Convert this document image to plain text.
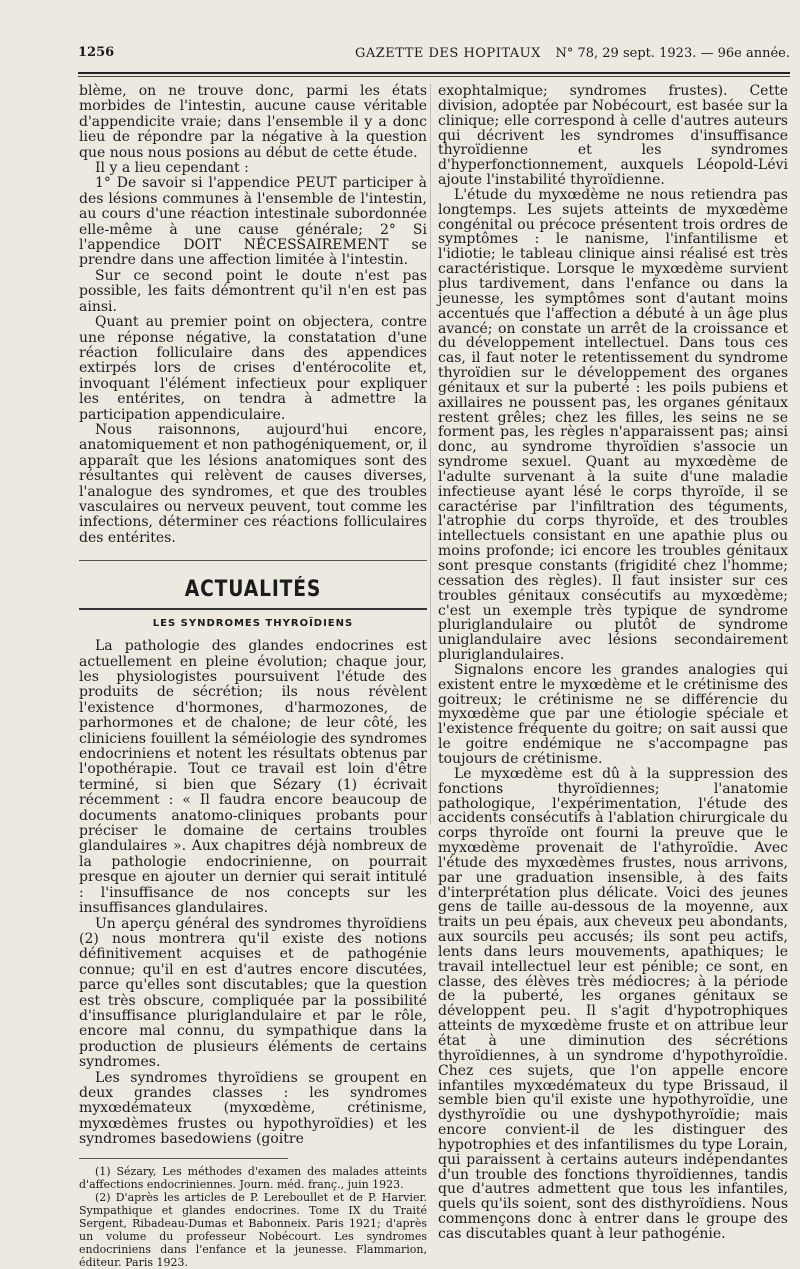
1256	GAZETTE DES HOPITAUX N° 78, 29 sept. 1923. — 96e année.

blème, on ne trouve donc, parmi les états morbides de l'intestin, aucune cause véritable d'appendicite vraie; dans l'ensemble il y a donc lieu de répondre par la négative à la question que nous nous posions au début de cette étude.

Il y a lieu cependant :

1° De savoir si l'appendice PEUT participer à des lésions communes à l'ensemble de l'intestin, au cours d'une réaction intestinale subordonnée elle-même à une cause générale; 2° Si l'appendice DOIT NÉCESSAIREMENT se prendre dans une affection limitée à l'intestin.

Sur ce second point le doute n'est pas possible, les faits démontrent qu'il n'en est pas ainsi.

Quant au premier point on objectera, contre une réponse négative, la constatation d'une réaction folliculaire dans des appendices extirpés lors de crises d'entérocolite et, invoquant l'élément infectieux pour expliquer les entérites, on tendra à admettre la participation appendiculaire.

Nous raisonnons, aujourd'hui encore, anatomiquement et non pathogéniquement, or, il apparaît que les lésions anatomiques sont des résultantes qui relèvent de causes diverses, l'analogue des syndromes, et que des troubles vasculaires ou nerveux peuvent, tout comme les infections, déterminer ces réactions folliculaires des entérites.

ACTUALITÉS
LES SYNDROMES THYROÏDIENS

La pathologie des glandes endocrines est actuellement en pleine évolution; chaque jour, les physiologistes poursuivent l'étude des produits de sécrétion; ils nous révèlent l'existence d'hormones, d'harmozones, de parhormones et de chalone; de leur côté, les cliniciens fouillent la séméiologie des syndromes endocriniens et notent les résultats obtenus par l'opothérapie. Tout ce travail est loin d'être terminé, si bien que Sézary (1) écrivait récemment : « Il faudra encore beaucoup de documents anatomo-cliniques probants pour préciser le domaine de certains troubles glandulaires ». Aux chapitres déjà nombreux de la pathologie endocrinienne, on pourrait presque en ajouter un dernier qui serait intitulé : l'insuffisance de nos concepts sur les insuffisances glandulaires.

Un aperçu général des syndromes thyroïdiens (2) nous montrera qu'il existe des notions définitivement acquises et de pathogénie connue; qu'il en est d'autres encore discutées, parce qu'elles sont discutables; que la question est très obscure, compliquée par la possibilité d'insuffisance pluriglandulaire et par le rôle, encore mal connu, du sympathique dans la production de plusieurs éléments de certains syndromes.

Les syndromes thyroïdiens se groupent en deux grandes classes : les syndromes myxœdémateux (myxœdème, crétinisme, myxœdèmes frustes ou hypothyroïdies) et les syndromes basedowiens (goitre

(1) Sézary, Les méthodes d'examen des malades atteints d'affections endocriniennes. Journ. méd. franç., juin 1923.

(2) D'après les articles de P. Lereboullet et de P. Harvier. Sympathique et glandes endocrines. Tome IX du Traité Sergent, Ribadeau-Dumas et Babonneix. Paris 1921; d'après un volume du professeur Nobécourt. Les syndromes endocriniens dans l'enfance et la jeunesse. Flammarion, éditeur. Paris 1923.

exophtalmique; syndromes frustes). Cette division, adoptée par Nobécourt, est basée sur la clinique; elle correspond à celle d'autres auteurs qui décrivent les syndromes d'insuffisance thyroïdienne et les syndromes d'hyperfonctionnement, auxquels Léopold-Lévi ajoute l'instabilité thyroïdienne.

L'étude du myxœdème ne nous retiendra pas longtemps. Les sujets atteints de myxœdème congénital ou précoce présentent trois ordres de symptômes : le nanisme, l'infantilisme et l'idiotie; le tableau clinique ainsi réalisé est très caractéristique. Lorsque le myxœdème survient plus tardivement, dans l'enfance ou dans la jeunesse, les symptômes sont d'autant moins accentués que l'affection a débuté à un âge plus avancé; on constate un arrêt de la croissance et du développement intellectuel. Dans tous ces cas, il faut noter le retentissement du syndrome thyroïdien sur le développement des organes génitaux et sur la puberté : les poils pubiens et axillaires ne poussent pas, les organes génitaux restent grêles; chez les filles, les seins ne se forment pas, les règles n'apparaissent pas; ainsi donc, au syndrome thyroïdien s'associe un syndrome sexuel. Quant au myxœdème de l'adulte survenant à la suite d'une maladie infectieuse ayant lésé le corps thyroïde, il se caractérise par l'infiltration des téguments, l'atrophie du corps thyroïde, et des troubles intellectuels consistant en une apathie plus ou moins profonde; ici encore les troubles génitaux sont presque constants (frigidité chez l'homme; cessation des règles). Il faut insister sur ces troubles génitaux consécutifs au myxœdème; c'est un exemple très typique de syndrome pluriglandulaire ou plutôt de syndrome uniglandulaire avec lésions secondairement pluriglandulaires.

Signalons encore les grandes analogies qui existent entre le myxœdème et le crétinisme des goitreux; le crétinisme ne se différencie du myxœdème que par une étiologie spéciale et l'existence fréquente du goitre; on sait aussi que le goitre endémique ne s'accompagne pas toujours de crétinisme.

Le myxœdème est dû à la suppression des fonctions thyroïdiennes; l'anatomie pathologique, l'expérimentation, l'étude des accidents consécutifs à l'ablation chirurgicale du corps thyroïde ont fourni la preuve que le myxœdème provenait de l'athyroïdie. Avec l'étude des myxœdèmes frustes, nous arrivons, par une graduation insensible, à des faits d'interprétation plus délicate. Voici des jeunes gens de taille au-dessous de la moyenne, aux traits un peu épais, aux cheveux peu abondants, aux sourcils peu accusés; ils sont peu actifs, lents dans leurs mouvements, apathiques; le travail intellectuel leur est pénible; ce sont, en classe, des élèves très médiocres; à la période de la puberté, les organes génitaux se développent peu. Il s'agit d'hypotrophiques atteints de myxœdème fruste et on attribue leur état à une diminution des sécrétions thyroïdiennes, à un syndrome d'hypothyroïdie. Chez ces sujets, que l'on appelle encore infantiles myxœdémateux du type Brissaud, il semble bien qu'il existe une hypothyroïdie, une dysthyroïdie ou une dyshypothyroïdie; mais encore convient-il de les distinguer des hypotrophies et des infantilismes du type Lorain, qui paraissent à certains auteurs indépendantes d'un trouble des fonctions thyroïdiennes, tandis que d'autres admettent que tous les infantiles, quels qu'ils soient, sont des disthyroïdiens. Nous commençons donc à entrer dans le groupe des cas discutables quant à leur pathogénie.
